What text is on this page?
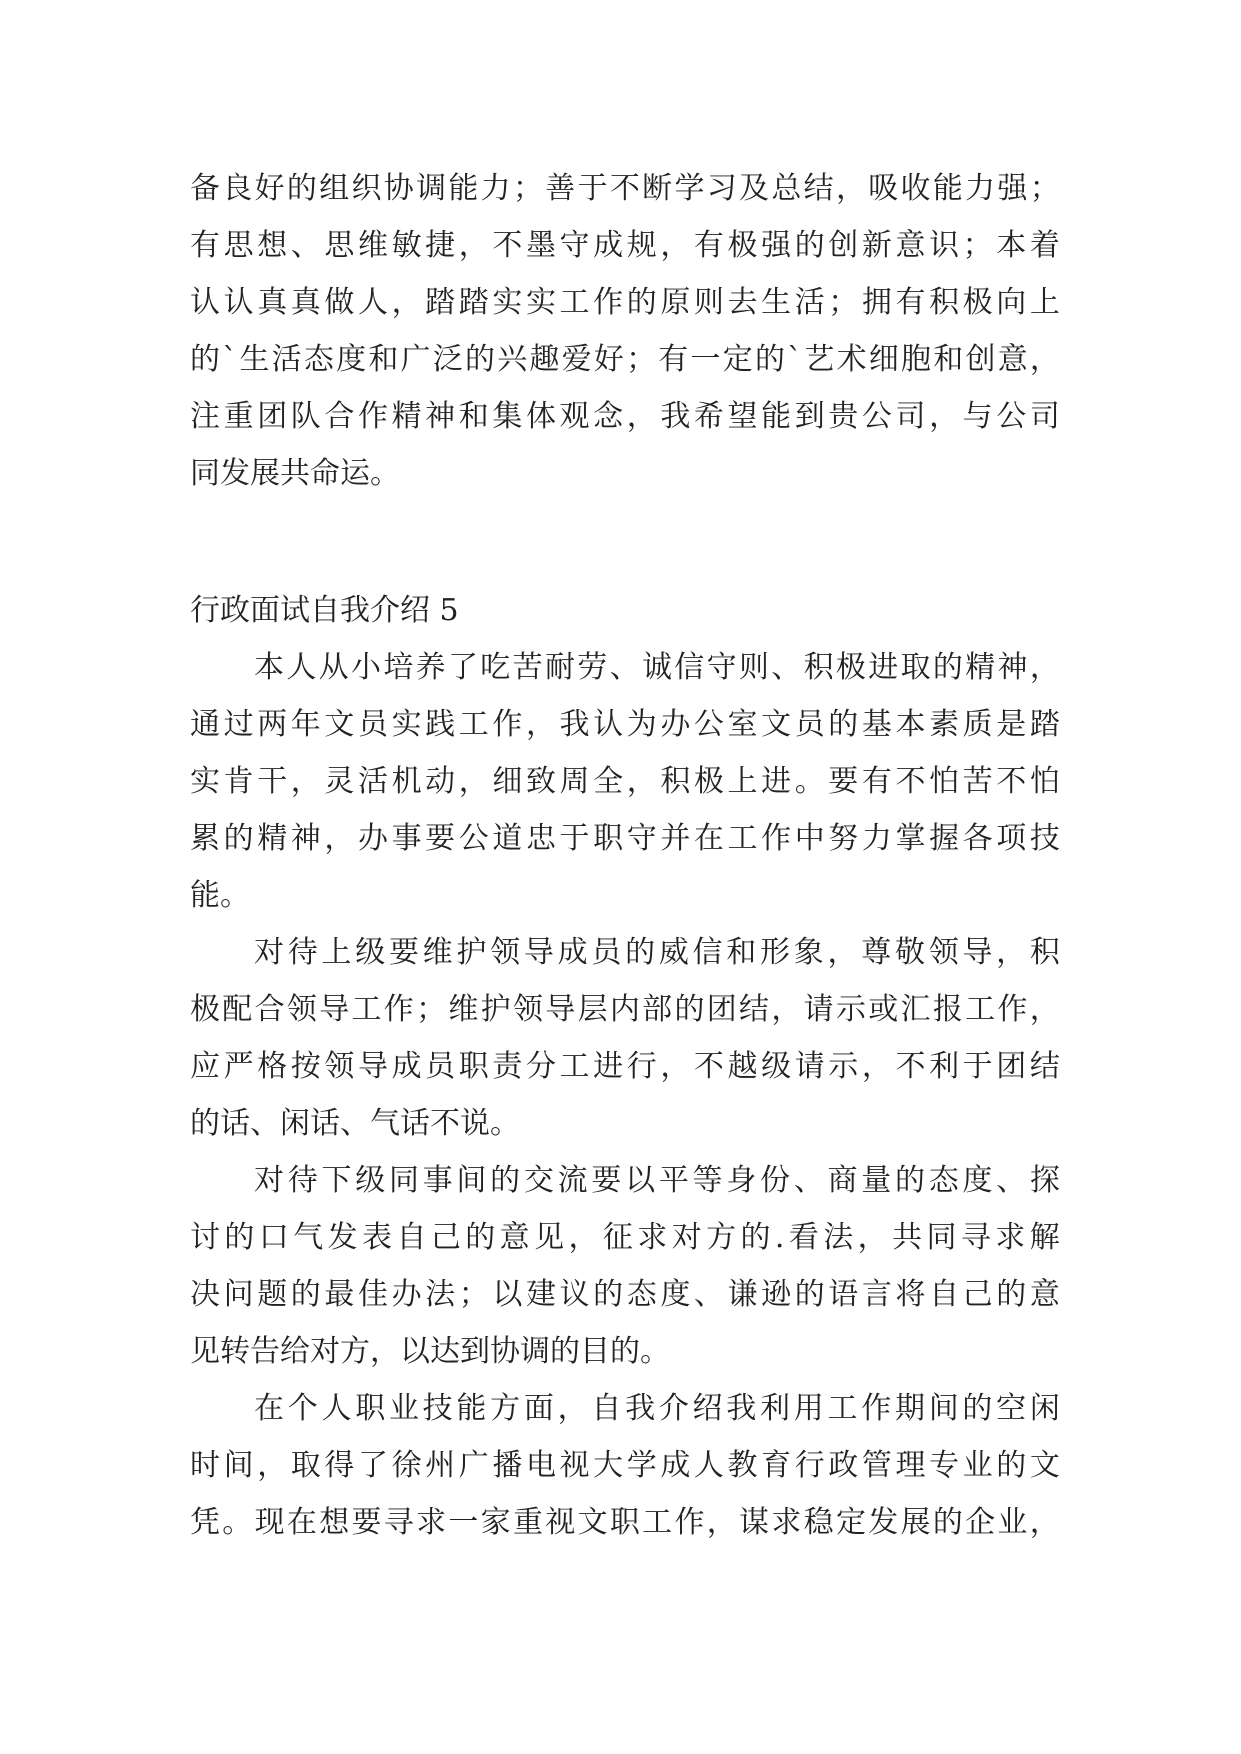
备 良 好 的 组 织 协 调 能 力 ； 善 于 不 断 学 习 及 总 结 ， 吸 收 能 力 强 ；
有 思 想 、 思 维 敏 捷 ， 不 墨 守 成 规 ， 有 极 强 的 创 新 意 识 ； 本 着
认 认 真 真 做 人 ， 踏 踏 实 实 工 作 的 原 则 去 生 活 ； 拥 有 积 极 向 上
的 ` 生 活 态 度 和 广 泛 的 兴 趣 爱 好 ； 有 一 定 的 ` 艺 术 细 胞 和 创 意 ，
注 重 团 队 合 作 精 神 和 集 体 观 念 ， 我 希 望 能 到 贵 公 司 ， 与 公 司
同发展共命运。
行政面试自我介绍 5
本 人 从 小 培 养 了 吃 苦 耐 劳 、 诚 信 守 则 、 积 极 进 取 的 精 神 ，
通 过 两 年 文 员 实 践 工 作 ， 我 认 为 办 公 室 文 员 的 基 本 素 质 是 踏
实 肯 干 ， 灵 活 机 动 ， 细 致 周 全 ， 积 极 上 进 。 要 有 不 怕 苦 不 怕
累 的 精 神 ， 办 事 要 公 道 忠 于 职 守 并 在 工 作 中 努 力 掌 握 各 项 技
能。
对 待 上 级 要 维 护 领 导 成 员 的 威 信 和 形 象 ， 尊 敬 领 导 ， 积
极 配 合 领 导 工 作 ； 维 护 领 导 层 内 部 的 团 结 ， 请 示 或 汇 报 工 作 ，
应 严 格 按 领 导 成 员 职 责 分 工 进 行 ， 不 越 级 请 示 ， 不 利 于 团 结
的话、闲话、气话不说。
对 待 下 级 同 事 间 的 交 流 要 以 平 等 身 份 、 商 量 的 态 度 、 探
讨 的 口 气 发 表 自 己 的 意 见 ， 征 求 对 方 的 . 看 法 ， 共 同 寻 求 解
决 问 题 的 最 佳 办 法 ； 以 建 议 的 态 度 、 谦 逊 的 语 言 将 自 己 的 意
见转告给对方，以达到协调的目的。
在 个 人 职 业 技 能 方 面 ， 自 我 介 绍 我 利 用 工 作 期 间 的 空 闲
时 间 ， 取 得 了 徐 州 广 播 电 视 大 学 成 人 教 育 行 政 管 理 专 业 的 文
凭 。 现 在 想 要 寻 求 一 家 重 视 文 职 工 作 ， 谋 求 稳 定 发 展 的 企 业 ，
